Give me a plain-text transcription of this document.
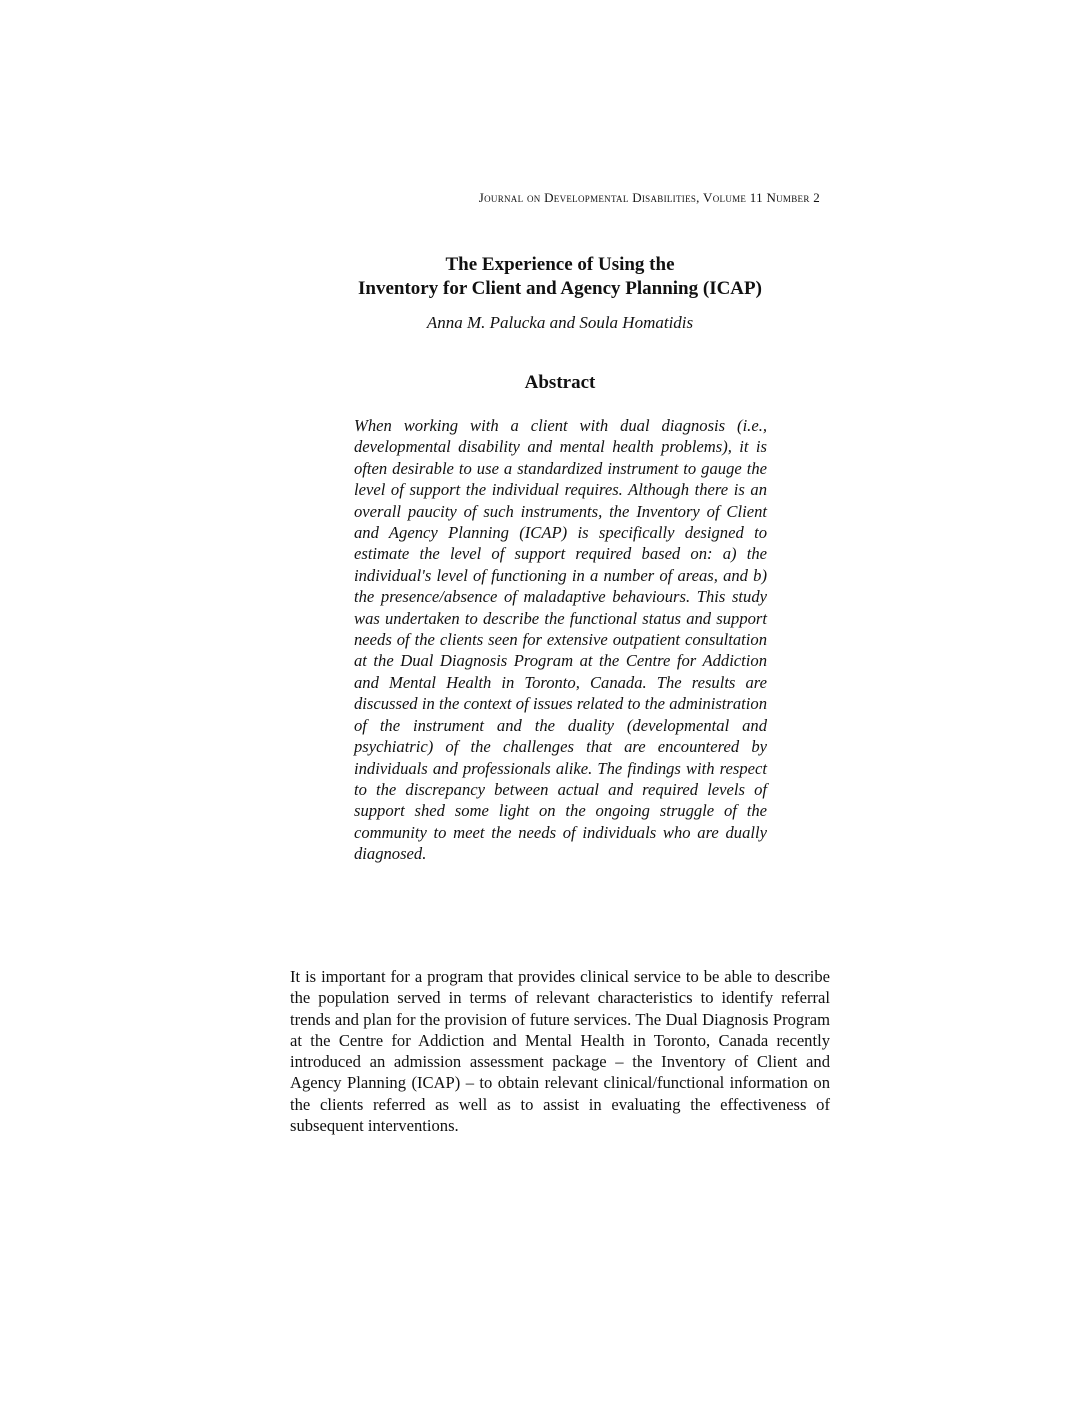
Journal on Developmental Disabilities, Volume 11 Number 2
The Experience of Using the
Inventory for Client and Agency Planning (ICAP)
Anna M. Palucka and Soula Homatidis
Abstract

When working with a client with dual diagnosis (i.e., developmental disability and mental health problems), it is often desirable to use a standardized instrument to gauge the level of support the individual requires. Although there is an overall paucity of such instruments, the Inventory of Client and Agency Planning (ICAP) is specifically designed to estimate the level of support required based on: a) the individual's level of functioning in a number of areas, and b) the presence/absence of maladaptive behaviours. This study was undertaken to describe the functional status and support needs of the clients seen for extensive outpatient consultation at the Dual Diagnosis Program at the Centre for Addiction and Mental Health in Toronto, Canada. The results are discussed in the context of issues related to the administration of the instrument and the duality (developmental and psychiatric) of the challenges that are encountered by individuals and professionals alike. The findings with respect to the discrepancy between actual and required levels of support shed some light on the ongoing struggle of the community to meet the needs of individuals who are dually diagnosed.

It is important for a program that provides clinical service to be able to describe the population served in terms of relevant characteristics to identify referral trends and plan for the provision of future services. The Dual Diagnosis Program at the Centre for Addiction and Mental Health in Toronto, Canada recently introduced an admission assessment package – the Inventory of Client and Agency Planning (ICAP) – to obtain relevant clinical/functional information on the clients referred as well as to assist in evaluating the effectiveness of subsequent interventions.
